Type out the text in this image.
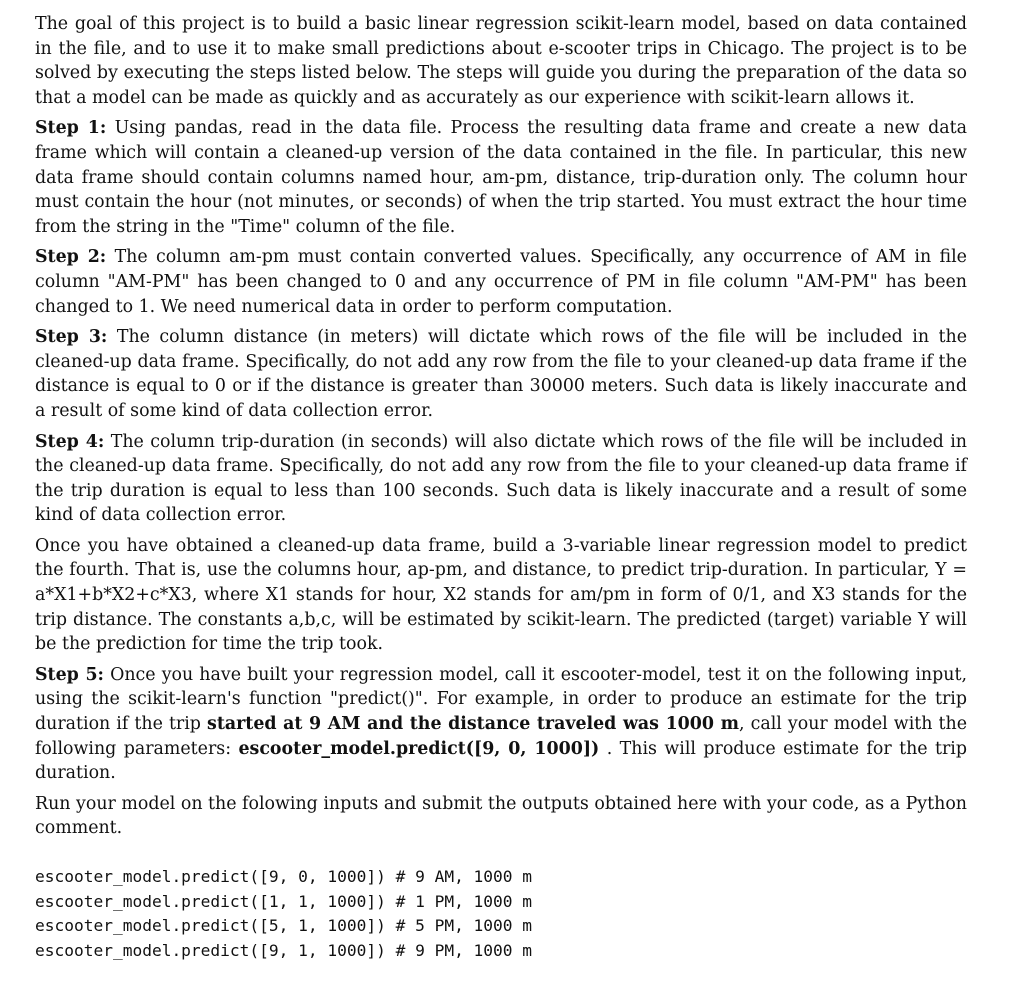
The goal of this project is to build a basic linear regression scikit-learn model, based on data contained in the file, and to use it to make small predictions about e-scooter trips in Chicago. The project is to be solved by executing the steps listed below. The steps will guide you during the preparation of the data so that a model can be made as quickly and as accurately as our experience with scikit-learn allows it.

Step 1: Using pandas, read in the data file. Process the resulting data frame and create a new data frame which will contain a cleaned-up version of the data contained in the file. In particular, this new data frame should contain columns named hour, am-pm, distance, trip-duration only. The column hour must contain the hour (not minutes, or seconds) of when the trip started. You must extract the hour time from the string in the "Time" column of the file.

Step 2: The column am-pm must contain converted values. Specifically, any occurrence of AM in file column "AM-PM" has been changed to 0 and any occurrence of PM in file column "AM-PM" has been changed to 1. We need numerical data in order to perform computation.

Step 3: The column distance (in meters) will dictate which rows of the file will be included in the cleaned-up data frame. Specifically, do not add any row from the file to your cleaned-up data frame if the distance is equal to 0 or if the distance is greater than 30000 meters. Such data is likely inaccurate and a result of some kind of data collection error.

Step 4: The column trip-duration (in seconds) will also dictate which rows of the file will be included in the cleaned-up data frame. Specifically, do not add any row from the file to your cleaned-up data frame if the trip duration is equal to less than 100 seconds. Such data is likely inaccurate and a result of some kind of data collection error.

Once you have obtained a cleaned-up data frame, build a 3-variable linear regression model to predict the fourth. That is, use the columns hour, ap-pm, and distance, to predict trip-duration. In particular, Y = a*X1+b*X2+c*X3, where X1 stands for hour, X2 stands for am/pm in form of 0/1, and X3 stands for the trip distance. The constants a,b,c, will be estimated by scikit-learn. The predicted (target) variable Y will be the prediction for time the trip took.

Step 5: Once you have built your regression model, call it escooter-model, test it on the following input, using the scikit-learn's function "predict()". For example, in order to produce an estimate for the trip duration if the trip started at 9 AM and the distance traveled was 1000 m, call your model with the following parameters: escooter_model.predict([9, 0, 1000]) . This will produce estimate for the trip duration.

Run your model on the folowing inputs and submit the outputs obtained here with your code, as a Python comment.

escooter_model.predict([9, 0, 1000]) # 9 AM, 1000 m
escooter_model.predict([1, 1, 1000]) # 1 PM, 1000 m
escooter_model.predict([5, 1, 1000]) # 5 PM, 1000 m
escooter_model.predict([9, 1, 1000]) # 9 PM, 1000 m
